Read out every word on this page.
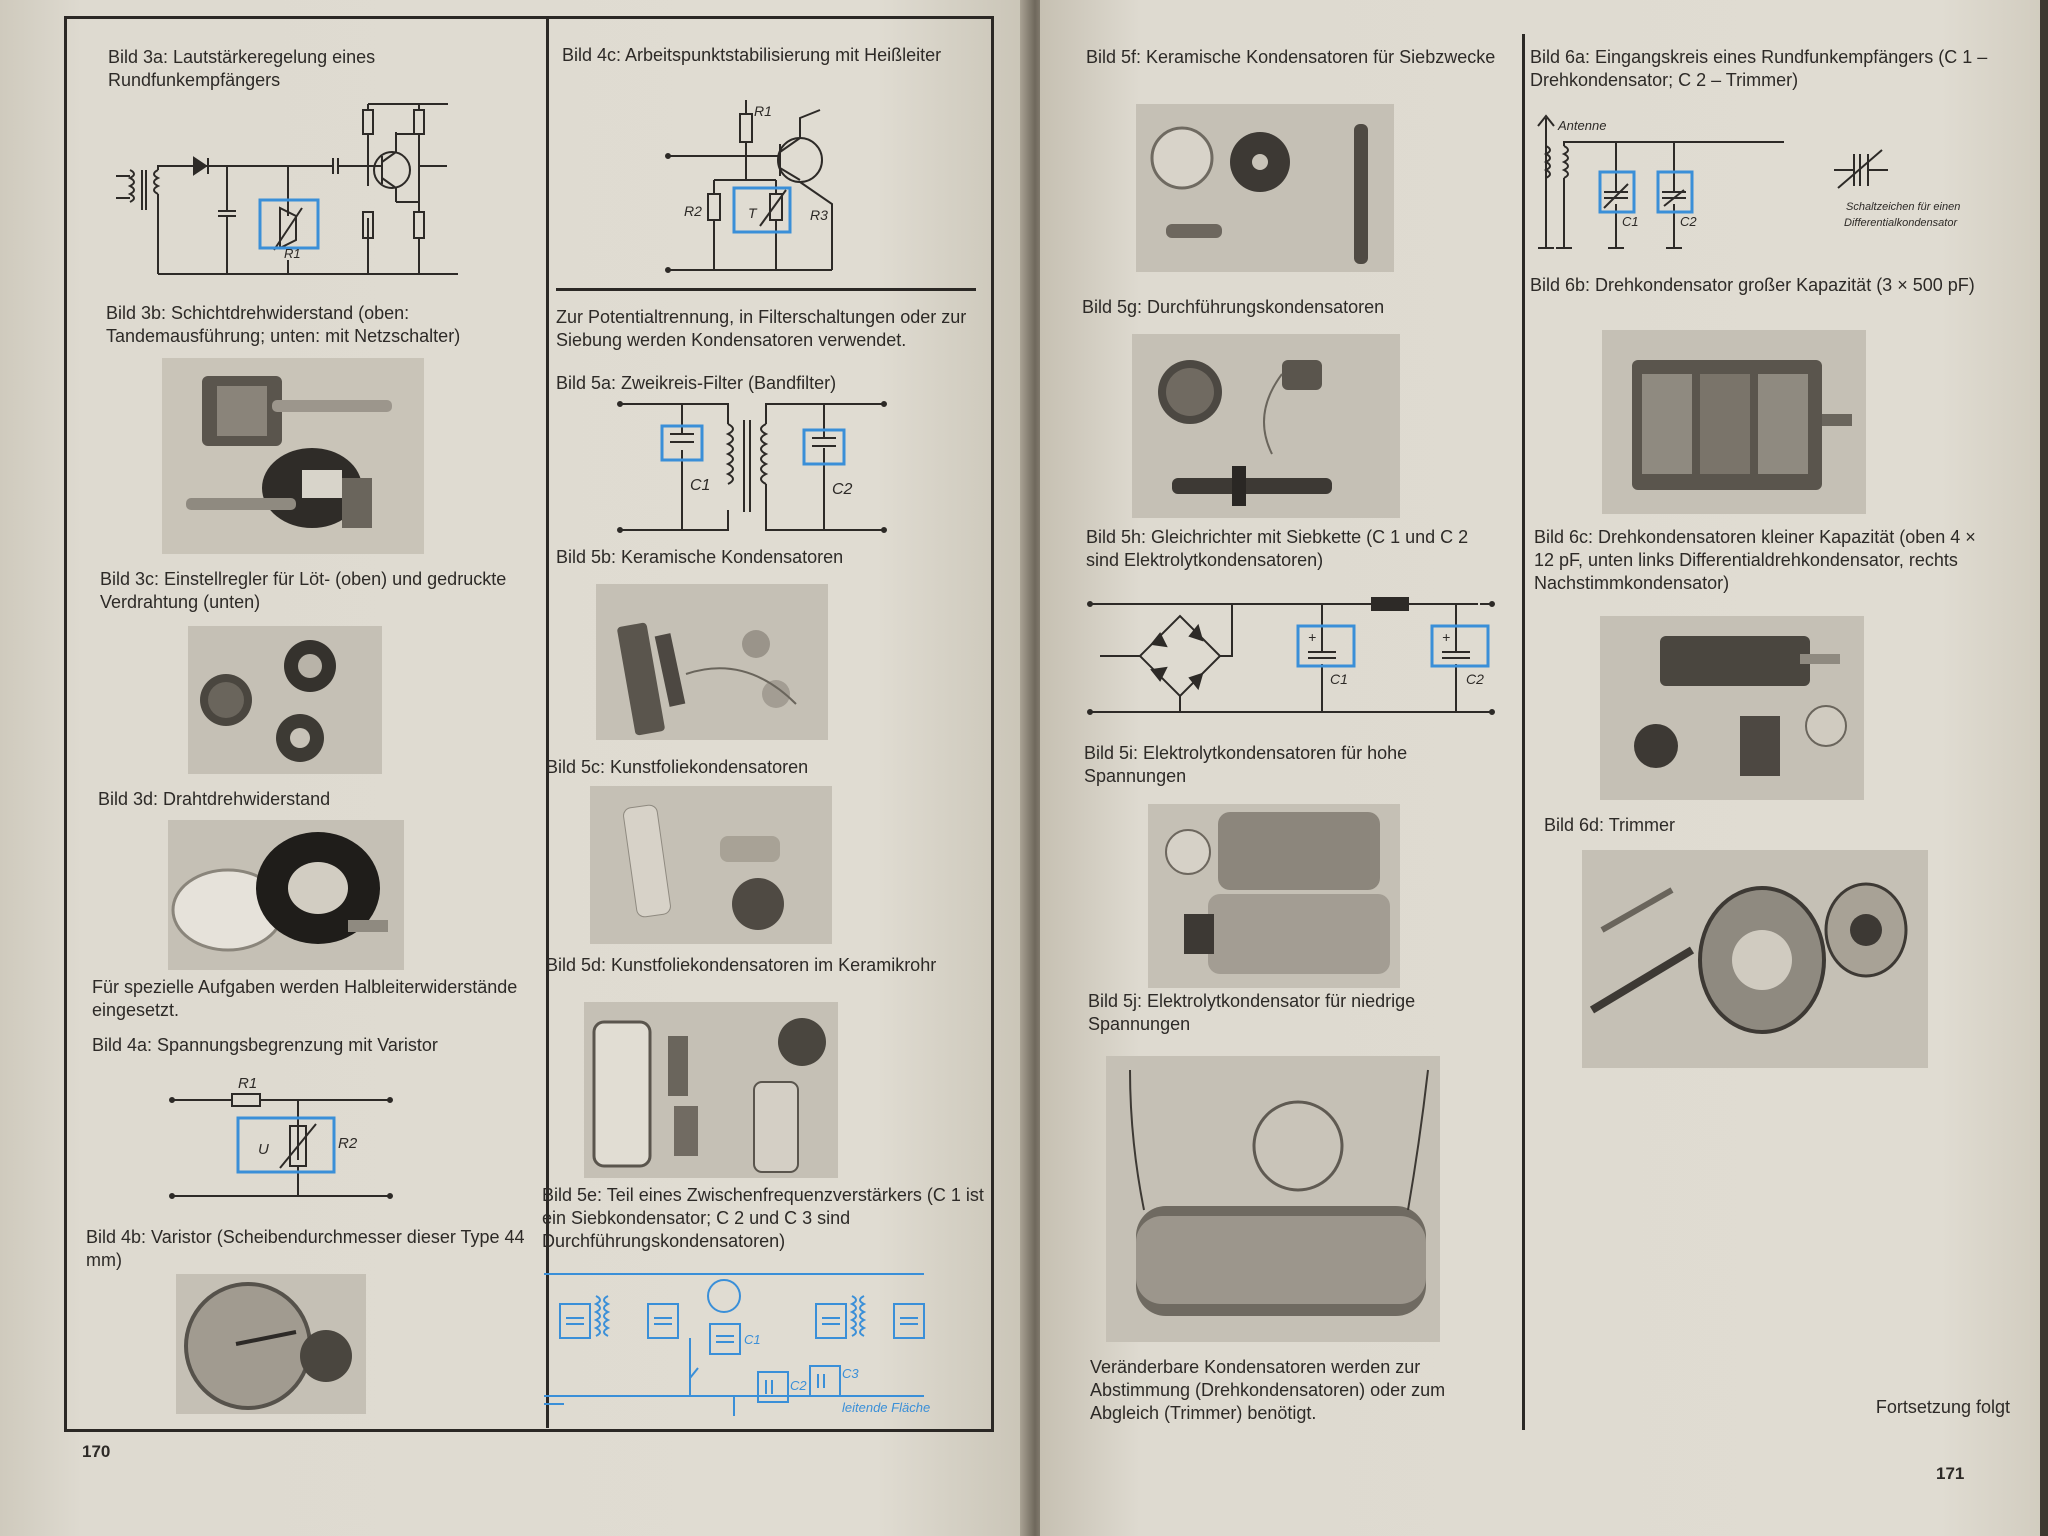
Bild 3a: Lautstärkeregelung eines Rundfunkempfängers
R1
Bild 3b: Schichtdrehwiderstand (oben: Tandemausführung; unten: mit Netzschalter)
Bild 3c: Einstellregler für Löt- (oben) und gedruckte Verdrahtung (unten)
Bild 3d: Drahtdrehwiderstand
Für spezielle Aufgaben werden Halbleiterwiderstände eingesetzt.
Bild 4a: Spannungsbegrenzung mit Varistor
R1
R2
U
Bild 4b: Varistor (Scheibendurchmesser dieser Type 44 mm)
Bild 4c: Arbeitspunktstabilisierung mit Heißleiter
R1
R2	R3
T
Zur Potentialtrennung, in Filterschaltungen oder zur Siebung werden Kondensatoren verwendet.
Bild 5a: Zweikreis-Filter (Bandfilter)
C1	C2
Bild 5b: Keramische Kondensatoren
Bild 5c: Kunstfoliekondensatoren
Bild 5d: Kunstfoliekondensatoren im Keramikrohr
Bild 5e: Teil eines Zwischenfrequenzverstärkers (C 1 ist ein Siebkondensator; C 2 und C 3 sind Durchführungskondensatoren)
C1
C2
C3
leitende Fläche
170
Bild 5f: Keramische Kondensatoren für Siebzwecke
Bild 5g: Durchführungskondensatoren
Bild 5h: Gleichrichter mit Siebkette (C 1 und C 2 sind Elektrolytkondensatoren)
+	+
C1	C2
Bild 5i: Elektrolytkondensatoren für hohe Spannungen
Bild 5j: Elektrolytkondensator für niedrige Spannungen
Veränderbare Kondensatoren werden zur Abstimmung (Drehkondensatoren) oder zum Abgleich (Trimmer) benötigt.
Bild 6a: Eingangskreis eines Rundfunkempfängers (C 1 – Drehkondensator; C 2 – Trimmer)
Antenne
C1	C2
Schaltzeichen für einen
Differentialkondensator
Bild 6b: Drehkondensator großer Kapazität (3 × 500 pF)
Bild 6c: Drehkondensatoren kleiner Kapazität (oben 4 × 12 pF, unten links Differentialdrehkondensator, rechts Nachstimmkondensator)
Bild 6d: Trimmer
Fortsetzung folgt
171
